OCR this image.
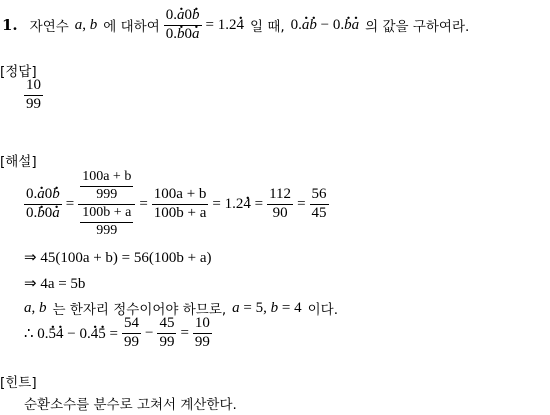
1. 자연수 a, b 에 대하여 $\frac{0.. a0. b}{0.. b0. a} = 1.2$. 4 일 때, 0.. a. b − 0.. b. a 의 값을 구하여라.
[정답]
$\frac{10}{99}$
[해설]
$\frac{0.. a0. b}{0.. b0. a} = \frac{\frac{100a + b}{999}}{\frac{100b + a}{999}} = \frac{100a + b}{100b + a} = 1.2$. $4 = \frac{112}{90} = \frac{56}{45}$
⇒ 45(100a + b) = 56(100b + a)
⇒ 4a = 5b
a, b 는 한자리 정수이어야 하므로, a = 5, b = 4 이다.
∴ 0.. 5. 4 − 0.. 4. $5 = \frac{54}{99} - \frac{45}{99} = \frac{10}{99}$
[힌트]
순환소수를 분수로 고쳐서 계산한다.
